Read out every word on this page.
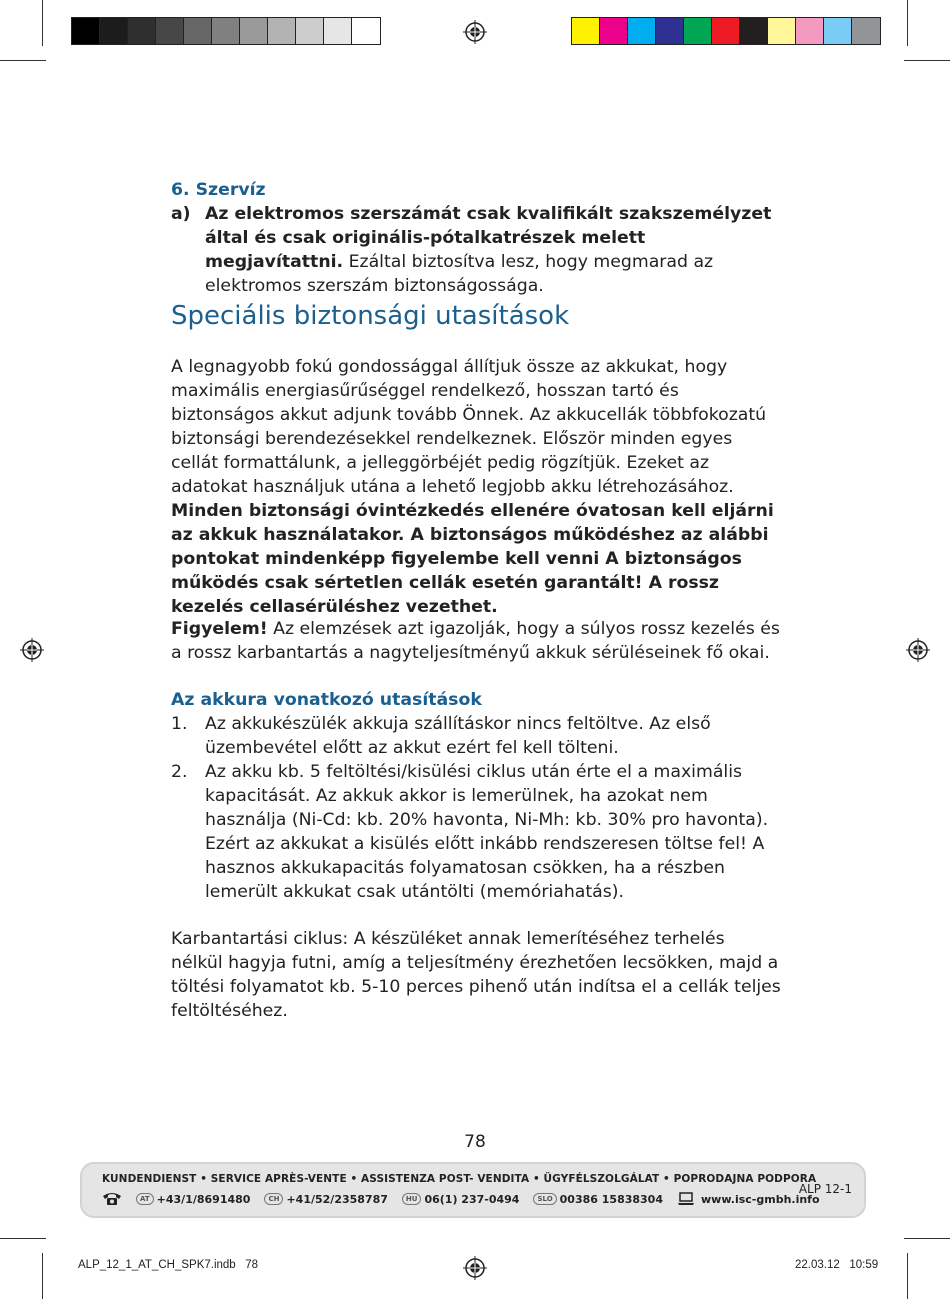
6. Szervíz

a) Az elektromos szerszámát csak kvalifikált szakszemélyzet által és csak originális-pótalkatrészek melett megjavítattni. Ezáltal biztosítva lesz, hogy megmarad az elektromos szerszám biztonságossága.

Speciális biztonsági utasítások

A legnagyobb fokú gondossággal állítjuk össze az akkukat, hogy maximális energiasűrűséggel rendelkező, hosszan tartó és biztonságos akkut adjunk tovább Önnek. Az akkucellák többfokozatú biztonsági berendezésekkel rendelkeznek. Először minden egyes cellát formattálunk, a jelleggörbéjét pedig rögzítjük. Ezeket az adatokat használjuk utána a lehető legjobb akku létrehozásához. Minden biztonsági óvintézkedés ellenére óvatosan kell eljárni az akkuk használatakor. A biztonságos működéshez az alábbi pontokat mindenképp figyelembe kell venni A biztonságos működés csak sértetlen cellák esetén garantált! A rossz kezelés cellasérüléshez vezethet.

Figyelem! Az elemzések azt igazolják, hogy a súlyos rossz kezelés és a rossz karbantartás a nagyteljesítményű akkuk sérüléseinek fő okai.

Az akkura vonatkozó utasítások

1. Az akkukészülék akkuja szállításkor nincs feltöltve. Az első üzembevétel előtt az akkut ezért fel kell tölteni.
2. Az akku kb. 5 feltöltési/kisülési ciklus után érte el a maximális kapacitását. Az akkuk akkor is lemerülnek, ha azokat nem használja (Ni-Cd: kb. 20% havonta, Ni-Mh: kb. 30% pro havonta). Ezért az akkukat a kisülés előtt inkább rendszeresen töltse fel! A hasznos akkukapacitás folyamatosan csökken, ha a részben lemerült akkukat csak utántölti (memóriahatás).

Karbantartási ciklus: A készüléket annak lemerítéséhez terhelés nélkül hagyja futni, amíg a teljesítmény érezhetően lecsökken, majd a töltési folyamatot kb. 5-10 perces pihenő után indítsa el a cellák teljes feltöltéséhez.

78
KUNDENDIENST • SERVICE APRÈS-VENTE • ASSISTENZA POST- VENDITA • ÜGYFÉLSZOLGÁLAT • POPRODAJNA PODPORA
AT +43/1/8691480	CH +41/52/2358787	HU 06(1) 237-0494	SLO 00386 15838304	www.isc-gmbh.info
ALP 12-1
ALP_12_1_AT_CH_SPK7.indb   78	22.03.12   10:59
